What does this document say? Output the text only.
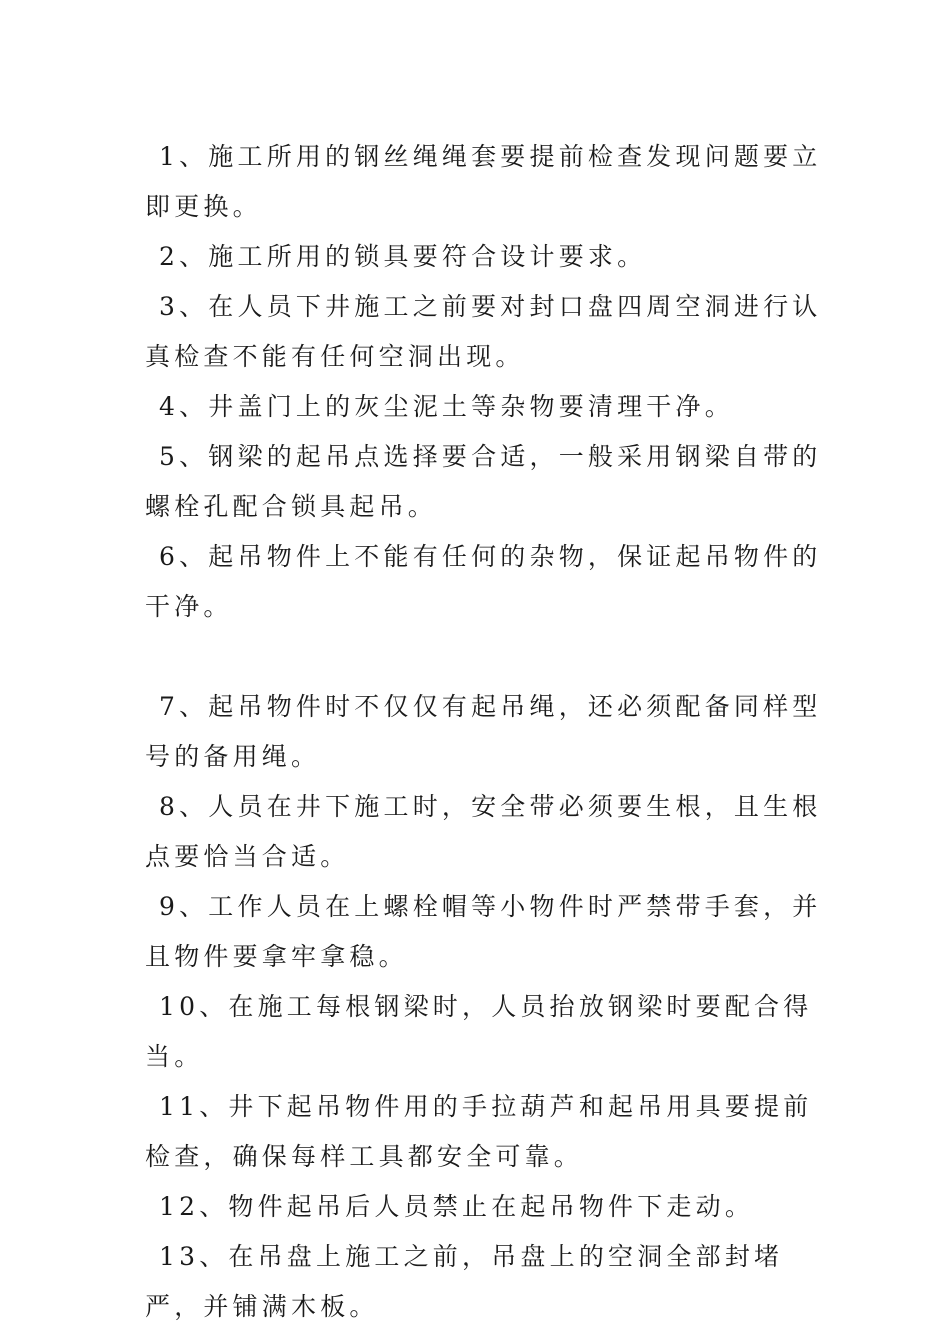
1、施工所用的钢丝绳绳套要提前检查发现问题要立即更换。

2、施工所用的锁具要符合设计要求。

3、在人员下井施工之前要对封口盘四周空洞进行认真检查不能有任何空洞出现。

4、井盖门上的灰尘泥土等杂物要清理干净。

5、钢梁的起吊点选择要合适，一般采用钢梁自带的螺栓孔配合锁具起吊。

6、起吊物件上不能有任何的杂物，保证起吊物件的干净。

7、起吊物件时不仅仅有起吊绳，还必须配备同样型号的备用绳。

8、人员在井下施工时，安全带必须要生根，且生根点要恰当合适。

9、工作人员在上螺栓帽等小物件时严禁带手套，并且物件要拿牢拿稳。

10、在施工每根钢梁时，人员抬放钢梁时要配合得当。

11、井下起吊物件用的手拉葫芦和起吊用具要提前检查，确保每样工具都安全可靠。

12、物件起吊后人员禁止在起吊物件下走动。

13、在吊盘上施工之前，吊盘上的空洞全部封堵严，并铺满木板。
